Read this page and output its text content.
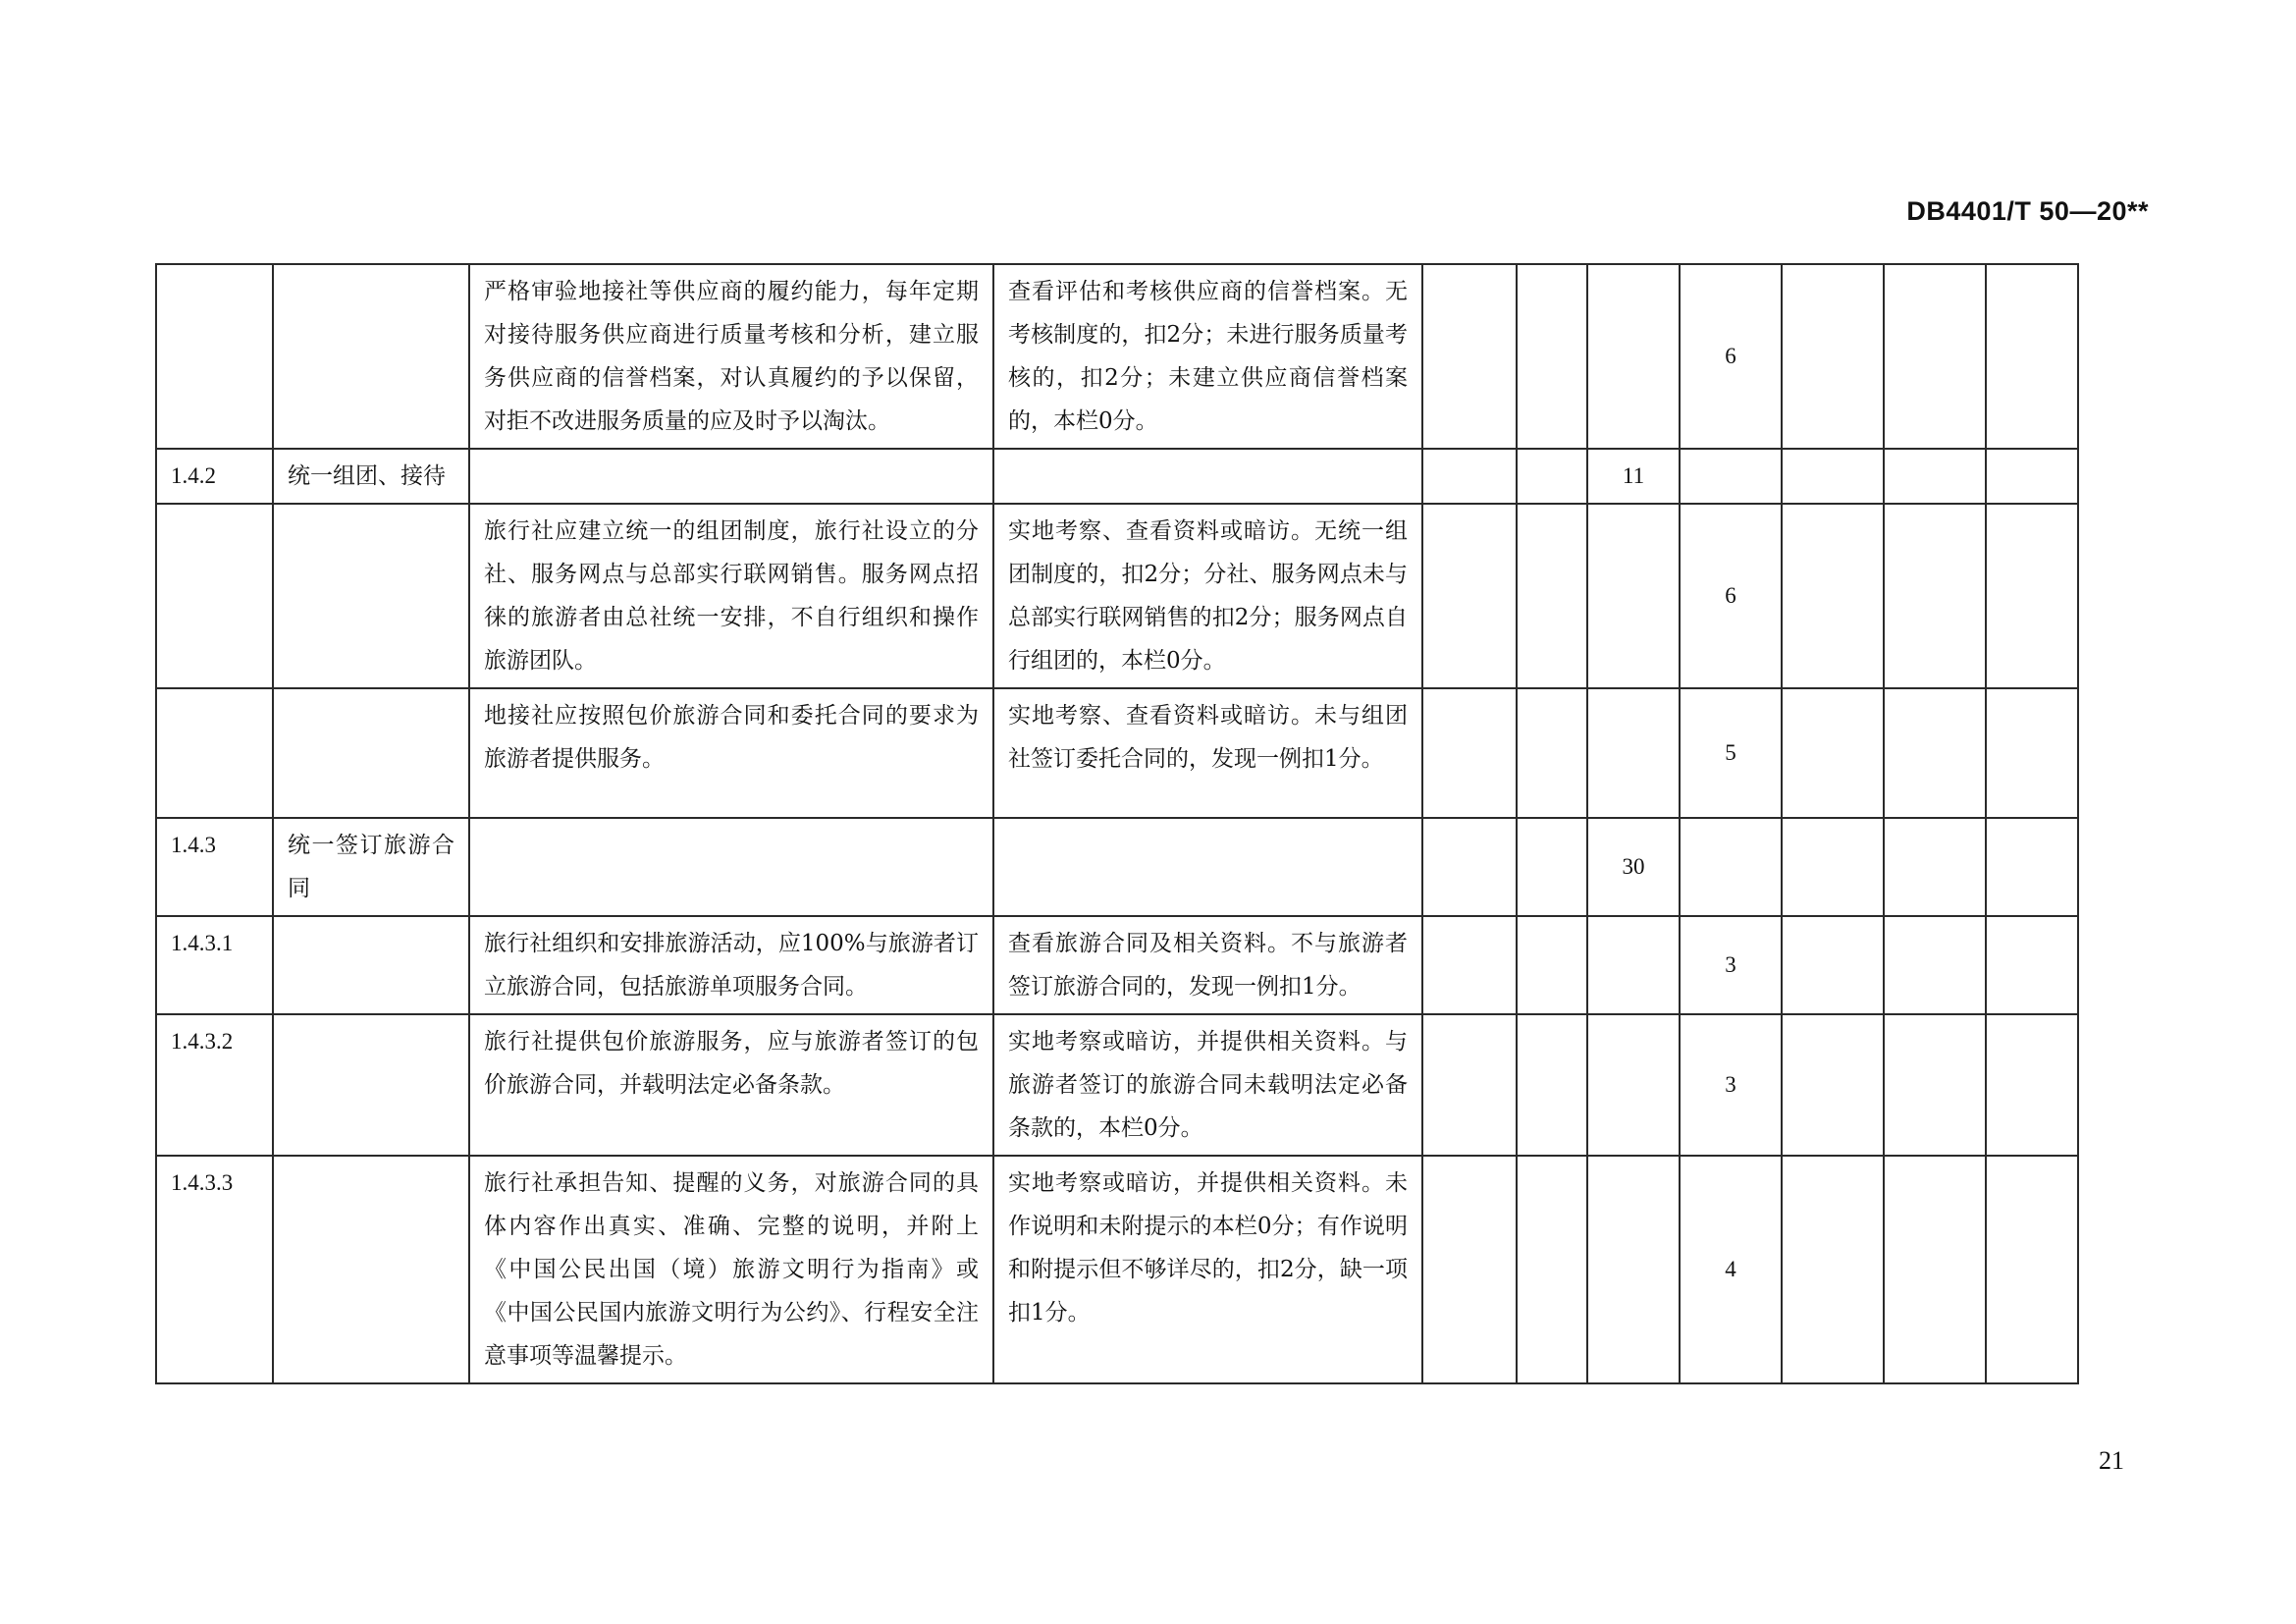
DB4401/T 50—20**
		严格审验地接社等供应商的履约能力，每年定期对接待服务供应商进行质量考核和分析，建立服务供应商的信誉档案，对认真履约的予以保留，对拒不改进服务质量的应及时予以淘汰。	查看评估和考核供应商的信誉档案。无考核制度的，扣2分；未进行服务质量考核的，扣2分；未建立供应商信誉档案的，本栏0分。				6			
1.4.2	统一组团、接待					11				
		旅行社应建立统一的组团制度，旅行社设立的分社、服务网点与总部实行联网销售。服务网点招徕的旅游者由总社统一安排，不自行组织和操作旅游团队。	实地考察、查看资料或暗访。无统一组团制度的，扣2分；分社、服务网点未与总部实行联网销售的扣2分；服务网点自行组团的，本栏0分。				6			
		地接社应按照包价旅游合同和委托合同的要求为旅游者提供服务。	实地考察、查看资料或暗访。未与组团社签订委托合同的，发现一例扣1分。				5			
1.4.3	统一签订旅游合同					30				
1.4.3.1		旅行社组织和安排旅游活动，应100%与旅游者订立旅游合同，包括旅游单项服务合同。	查看旅游合同及相关资料。不与旅游者签订旅游合同的，发现一例扣1分。				3			
1.4.3.2		旅行社提供包价旅游服务，应与旅游者签订的包价旅游合同，并载明法定必备条款。	实地考察或暗访，并提供相关资料。与旅游者签订的旅游合同未载明法定必备条款的，本栏0分。				3			
1.4.3.3		旅行社承担告知、提醒的义务，对旅游合同的具体内容作出真实、准确、完整的说明，并附上《中国公民出国（境）旅游文明行为指南》或《中国公民国内旅游文明行为公约》、行程安全注意事项等温馨提示。	实地考察或暗访，并提供相关资料。未作说明和未附提示的本栏0分；有作说明和附提示但不够详尽的，扣2分，缺一项扣1分。				4			
21
